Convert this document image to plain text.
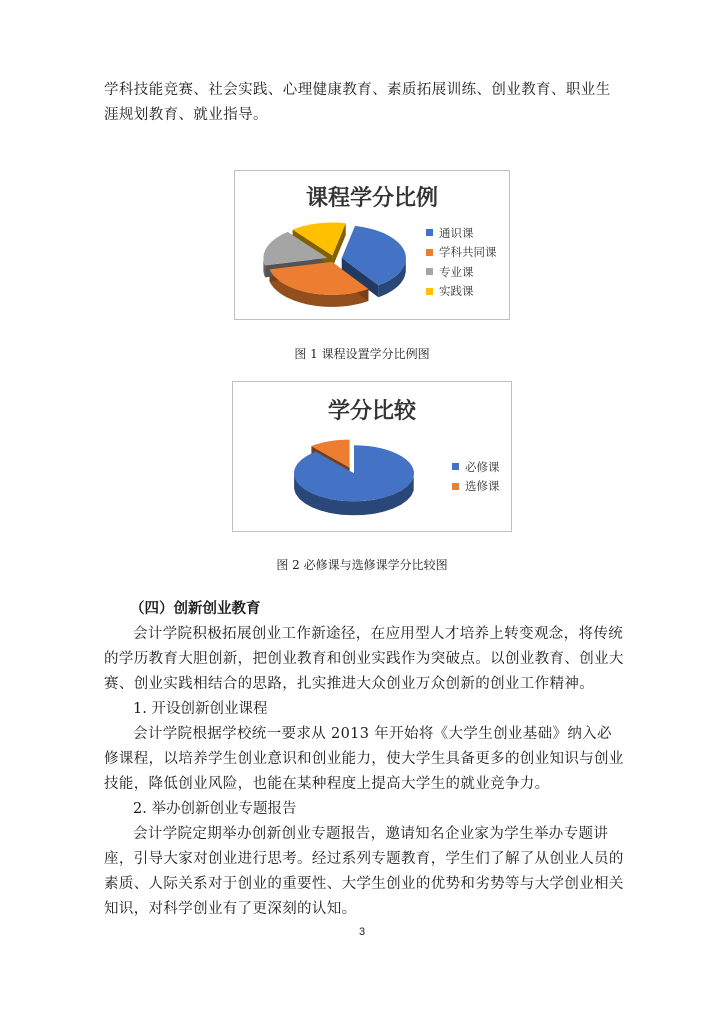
学科技能竞赛、社会实践、心理健康教育、素质拓展训练、创业教育、职业生涯规划教育、就业指导。
课程学分比例
通识课
学科共同课
专业课
实践课
图 1 课程设置学分比例图
学分比较
必修课
选修课
图 2 必修课与选修课学分比较图
（四）创新创业教育
会计学院积极拓展创业工作新途径，在应用型人才培养上转变观念，将传统的学历教育大胆创新，把创业教育和创业实践作为突破点。以创业教育、创业大赛、创业实践相结合的思路，扎实推进大众创业万众创新的创业工作精神。
1. 开设创新创业课程
会计学院根据学校统一要求从 2013 年开始将《大学生创业基础》纳入必修课程，以培养学生创业意识和创业能力，使大学生具备更多的创业知识与创业技能，降低创业风险，也能在某种程度上提高大学生的就业竞争力。
2. 举办创新创业专题报告
会计学院定期举办创新创业专题报告，邀请知名企业家为学生举办专题讲座，引导大家对创业进行思考。经过系列专题教育，学生们了解了从创业人员的素质、人际关系对于创业的重要性、大学生创业的优势和劣势等与大学创业相关知识，对科学创业有了更深刻的认知。
3
